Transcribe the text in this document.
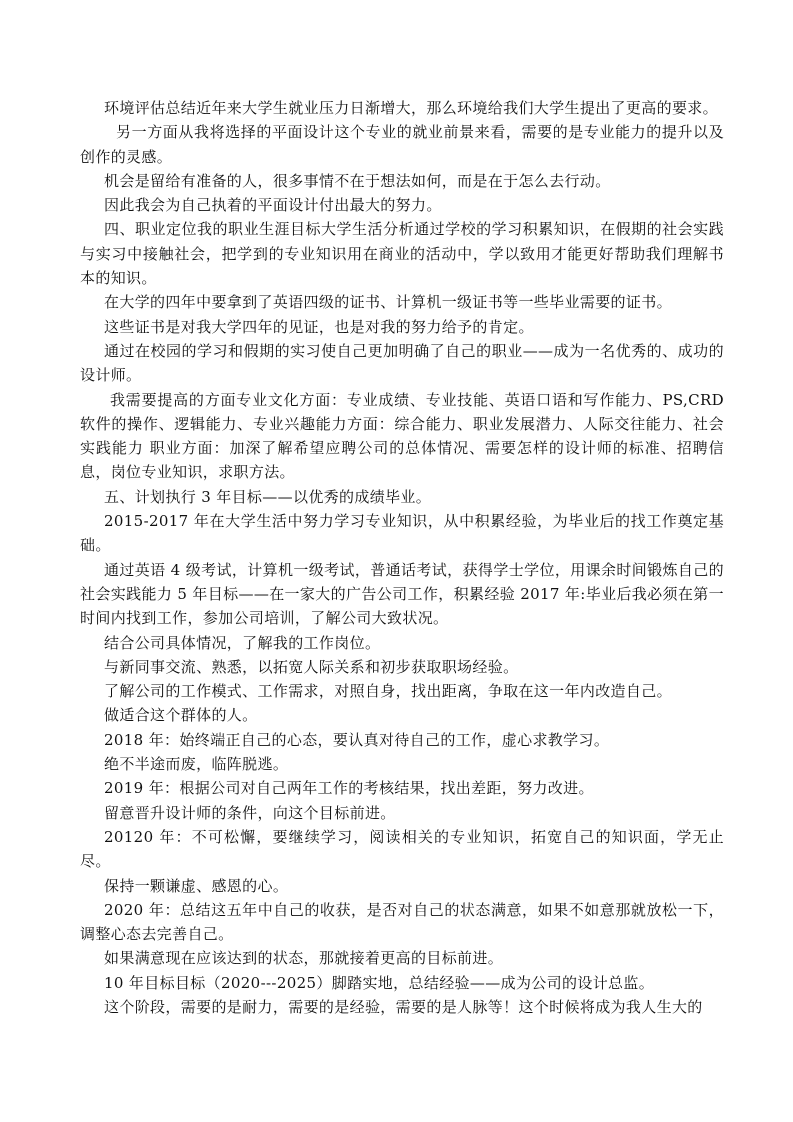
环境评估总结近年来大学生就业压力日渐增大，那么环境给我们大学生提出了更高的要求。

另一方面从我将选择的平面设计这个专业的就业前景来看，需要的是专业能力的提升以及创作的灵感。

机会是留给有准备的人，很多事情不在于想法如何，而是在于怎么去行动。

因此我会为自己执着的平面设计付出最大的努力。

四、职业定位我的职业生涯目标大学生活分析通过学校的学习积累知识，在假期的社会实践与实习中接触社会，把学到的专业知识用在商业的活动中，学以致用才能更好帮助我们理解书本的知识。

在大学的四年中要拿到了英语四级的证书、计算机一级证书等一些毕业需要的证书。

这些证书是对我大学四年的见证，也是对我的努力给予的肯定。

通过在校园的学习和假期的实习使自己更加明确了自己的职业——成为一名优秀的、成功的设计师。

我需要提高的方面专业文化方面：专业成绩、专业技能、英语口语和写作能力、PS,CRD软件的操作、逻辑能力、专业兴趣能力方面：综合能力、职业发展潜力、人际交往能力、社会实践能力 职业方面：加深了解希望应聘公司的总体情况、需要怎样的设计师的标准、招聘信息，岗位专业知识，求职方法。

五、计划执行 3 年目标——以优秀的成绩毕业。

2015-2017 年在大学生活中努力学习专业知识，从中积累经验，为毕业后的找工作奠定基础。

通过英语 4 级考试，计算机一级考试，普通话考试，获得学士学位，用课余时间锻炼自己的社会实践能力 5 年目标——在一家大的广告公司工作，积累经验 2017 年:毕业后我必须在第一时间内找到工作，参加公司培训，了解公司大致状况。

结合公司具体情况，了解我的工作岗位。

与新同事交流、熟悉，以拓宽人际关系和初步获取职场经验。

了解公司的工作模式、工作需求，对照自身，找出距离，争取在这一年内改造自己。

做适合这个群体的人。

2018 年：始终端正自己的心态，要认真对待自己的工作，虚心求教学习。

绝不半途而废，临阵脱逃。

2019 年：根据公司对自己两年工作的考核结果，找出差距，努力改进。

留意晋升设计师的条件，向这个目标前进。

20120 年：不可松懈，要继续学习，阅读相关的专业知识，拓宽自己的知识面，学无止尽。

保持一颗谦虚、感恩的心。

2020 年：总结这五年中自己的收获，是否对自己的状态满意，如果不如意那就放松一下，调整心态去完善自己。

如果满意现在应该达到的状态，那就接着更高的目标前进。

10 年目标目标（2020---2025）脚踏实地，总结经验——成为公司的设计总监。

这个阶段，需要的是耐力，需要的是经验，需要的是人脉等！这个时候将成为我人生大的
